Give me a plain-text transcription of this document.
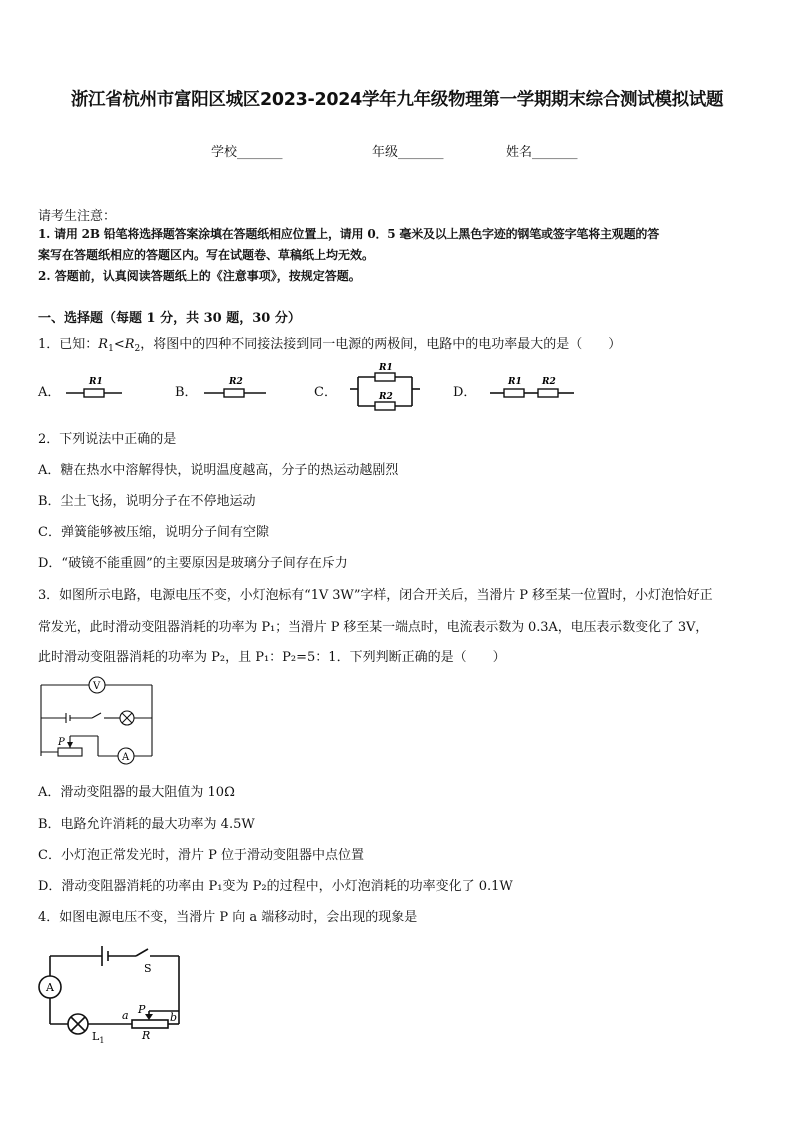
浙江省杭州市富阳区城区2023-2024学年九年级物理第一学期期末综合测试模拟试题
学校_______	年级_______	姓名_______
请考生注意：
1. 请用 2B 铅笔将选择题答案涂填在答题纸相应位置上，请用 0．5 毫米及以上黑色字迹的钢笔或签字笔将主观题的答
案写在答题纸相应的答题区内。写在试题卷、草稿纸上均无效。
2. 答题前，认真阅读答题纸上的《注意事项》，按规定答题。
一、选择题（每题 1 分，共 30 题，30 分）
1．已知：$R_1<R_2$，将图中的四种不同接法接到同一电源的两极间，电路中的电功率最大的是（　　）
A．
R1
B．
R2
C．
R1
R2	D．
R1 R2
2．下列说法中正确的是
A．糖在热水中溶解得快，说明温度越高，分子的热运动越剧烈
B．尘土飞扬，说明分子在不停地运动
C．弹簧能够被压缩，说明分子间有空隙
D．“破镜不能重圆”的主要原因是玻璃分子间存在斥力
3．如图所示电路，电源电压不变，小灯泡标有“1V 3W”字样，闭合开关后，当滑片 P 移至某一位置时，小灯泡恰好正
常发光，此时滑动变阻器消耗的功率为 P₁；当滑片 P 移至某一端点时，电流表示数为 0.3A，电压表示数变化了 3V，
此时滑动变阻器消耗的功率为 P₂，且 P₁：P₂=5：1．下列判断正确的是（　　）
V
A
P
A．滑动变阻器的最大阻值为 10Ω
B．电路允许消耗的最大功率为 4.5W
C．小灯泡正常发光时，滑片 P 位于滑动变阻器中点位置
D．滑动变阻器消耗的功率由 P₁变为 P₂的过程中，小灯泡消耗的功率变化了 0.1W
4．如图电源电压不变，当滑片 P 向 a 端移动时，会出现的现象是
A
S
$L_1$
P
a	b
R
